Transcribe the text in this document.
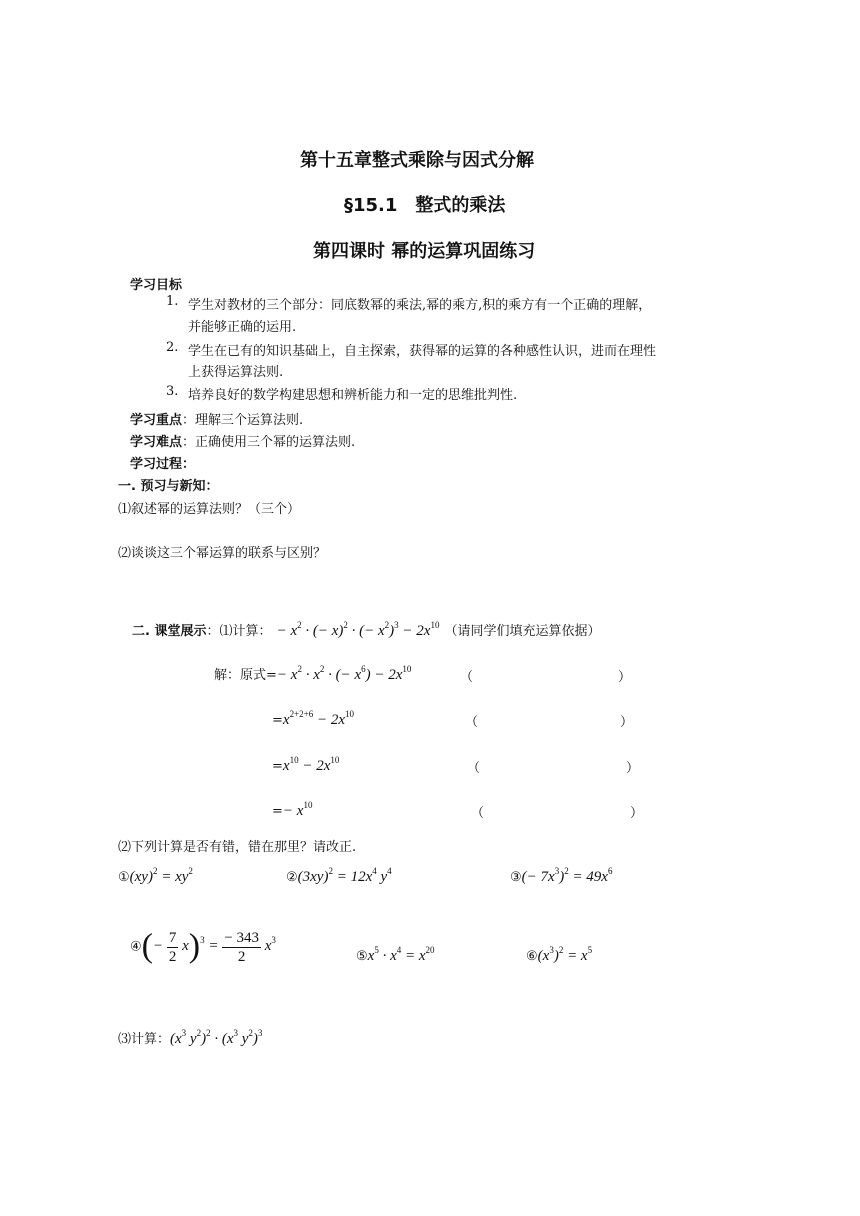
第十五章整式乘除与因式分解
§15.1　整式的乘法
第四课时 幂的运算巩固练习
学习目标
1. 学生对教材的三个部分：同底数幂的乘法,幂的乘方,积的乘方有一个正确的理解，
并能够正确的运用.
2. 学生在已有的知识基础上，自主探索，获得幂的运算的各种感性认识，进而在理性
上获得运算法则.
3. 培养良好的数学构建思想和辨析能力和一定的思维批判性.
学习重点：理解三个运算法则.
学习难点：正确使用三个幂的运算法则.
学习过程：
一. 预习与新知：
⑴叙述幂的运算法则？（三个）
⑵谈谈这三个幂运算的联系与区别？
二. 课堂展示：⑴计算： − $x^2$ · (− x)$^2$ · (− $x^2)^3 - 2x^{10}$ （请同学们填充运算依据）
解：原式=− $x^2 \cdot x^2$ · (− $x^6) - 2x^{10}$
（	）
$=x^{2+2+6} - 2x^{10}$
（	）
$=x^{10} - 2x^{10}$
（	）
=− $x^{10}$
（	）
⑵下列计算是否有错，错在那里？请改正.
①(xy)$^2$ = $xy^2$	$②(3xy)^2 = 12x^4$ $y^4$	③(− $7x^3)^2 = 49x^6$
④(− $\frac{7}{2} x)^3 = \frac{- 343}{2} x^3$
$⑤x^5 \cdot x^4 = x^{20}$	$⑥(x^3)^2 = x^5$
⑶计算：($x^3$ $y^2)^2 \cdot (x^3$ $y^2)^3$
